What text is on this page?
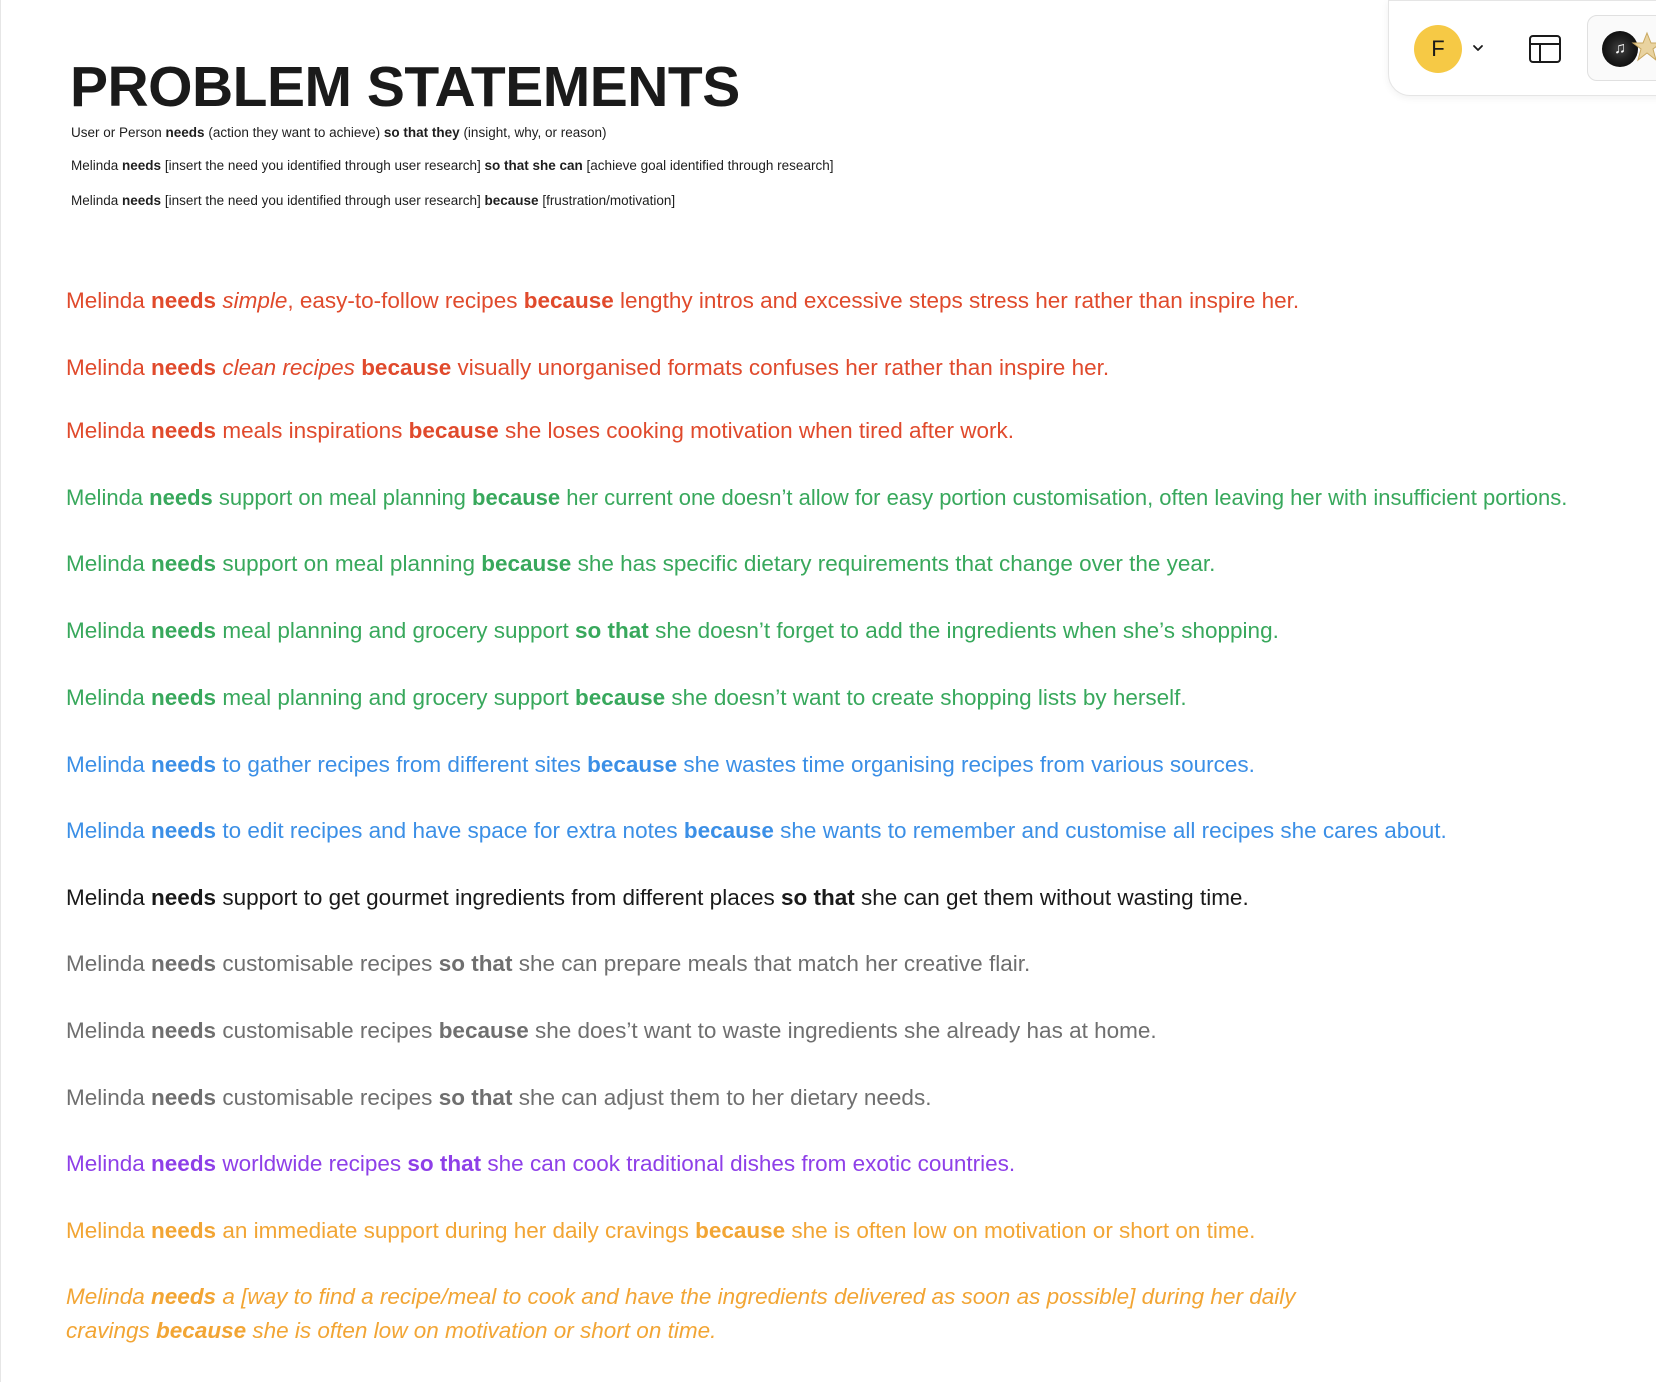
PROBLEM STATEMENTS

User or Person needs (action they want to achieve) so that they (insight, why, or reason)

Melinda needs [insert the need you identified through user research] so that she can [achieve goal identified through research]

Melinda needs [insert the need you identified through user research] because [frustration/motivation]

Melinda needs simple, easy-to-follow recipes because lengthy intros and excessive steps stress her rather than inspire her.

Melinda needs clean recipes because visually unorganised formats confuses her rather than inspire her.

Melinda needs meals inspirations because she loses cooking motivation when tired after work.

Melinda needs support on meal planning because her current one doesn’t allow for easy portion customisation, often leaving her with insufficient portions.

Melinda needs support on meal planning because she has specific dietary requirements that change over the year.

Melinda needs meal planning and grocery support so that she doesn’t forget to add the ingredients when she’s shopping.

Melinda needs meal planning and grocery support because she doesn’t want to create shopping lists by herself.

Melinda needs to gather recipes from different sites because she wastes time organising recipes from various sources.

Melinda needs to edit recipes and have space for extra notes because she wants to remember and customise all recipes she cares about.

Melinda needs support to get gourmet ingredients from different places so that she can get them without wasting time.

Melinda needs customisable recipes so that she can prepare meals that match her creative flair.

Melinda needs customisable recipes because she does’t want to waste ingredients she already has at home.

Melinda needs customisable recipes so that she can adjust them to her dietary needs.

Melinda needs worldwide recipes so that she can cook traditional dishes from exotic countries.

Melinda needs an immediate support during her daily cravings because she is often low on motivation or short on time.

Melinda needs a [way to find a recipe/meal to cook and have the ingredients delivered as soon as possible] during her daily cravings because she is often low on motivation or short on time.

F	♫
